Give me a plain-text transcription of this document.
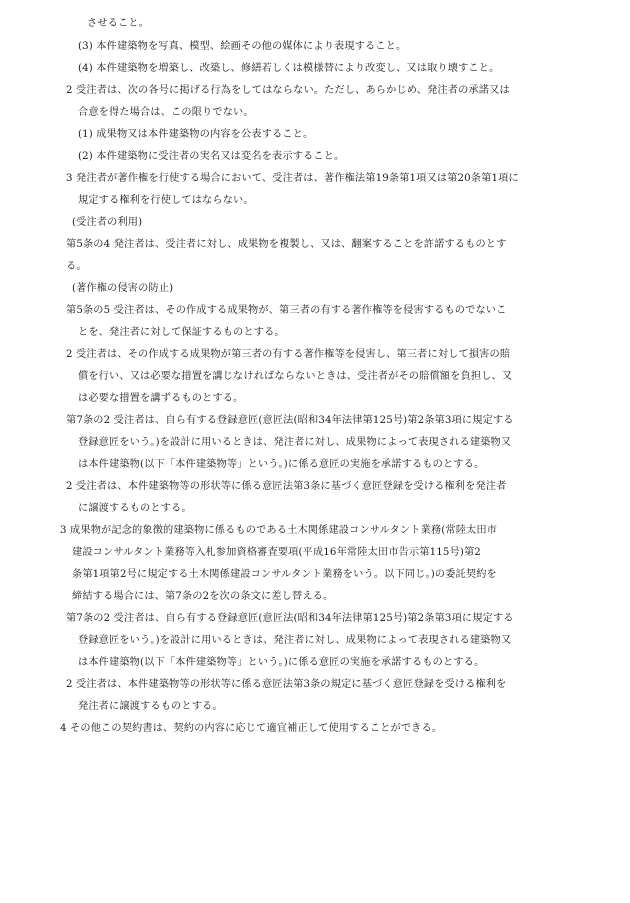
させること。
(3) 本件建築物を写真、模型、絵画その他の媒体により表現すること。
(4) 本件建築物を増築し、改築し、修繕若しくは模様替により改変し、又は取り壊すこと。
2 受注者は、次の各号に掲げる行為をしてはならない。ただし、あらかじめ、発注者の承諾又は
合意を得た場合は、この限りでない。
(1) 成果物又は本件建築物の内容を公表すること。
(2) 本件建築物に受注者の実名又は変名を表示すること。
3 発注者が著作権を行使する場合において、受注者は、著作権法第19条第1項又は第20条第1項に
規定する権利を行使してはならない。
(受注者の利用)
第5条の4 発注者は、受注者に対し、成果物を複製し、又は、翻案することを許諾するものとす
る。
(著作権の侵害の防止)
第5条の5 受注者は、その作成する成果物が、第三者の有する著作権等を侵害するものでないこ
とを、発注者に対して保証するものとする。
2 受注者は、その作成する成果物が第三者の有する著作権等を侵害し、第三者に対して損害の賠
償を行い、又は必要な措置を講じなければならないときは、受注者がその賠償額を負担し、又
は必要な措置を講ずるものとする。
第7条の2 受注者は、自ら有する登録意匠(意匠法(昭和34年法律第125号)第2条第3項に規定する
登録意匠をいう。)を設計に用いるときは、発注者に対し、成果物によって表現される建築物又
は本件建築物(以下「本件建築物等」という。)に係る意匠の実施を承諾するものとする。
2 受注者は、本件建築物等の形状等に係る意匠法第3条に基づく意匠登録を受ける権利を発注者
に譲渡するものとする。
3 成果物が記念的象徴的建築物に係るものである土木関係建設コンサルタント業務(常陸太田市
建設コンサルタント業務等入札参加資格審査要項(平成16年常陸太田市告示第115号)第2
条第1項第2号に規定する土木関係建設コンサルタント業務をいう。以下同じ。)の委託契約を
締結する場合には、第7条の2を次の条文に差し替える。
第7条の2 受注者は、自ら有する登録意匠(意匠法(昭和34年法律第125号)第2条第3項に規定する
登録意匠をいう。)を設計に用いるときは、発注者に対し、成果物によって表現される建築物又
は本件建築物(以下「本件建築物等」という。)に係る意匠の実施を承諾するものとする。
2 受注者は、本件建築物等の形状等に係る意匠法第3条の規定に基づく意匠登録を受ける権利を
発注者に譲渡するものとする。
4 その他この契約書は、契約の内容に応じて適宜補正して使用することができる。
